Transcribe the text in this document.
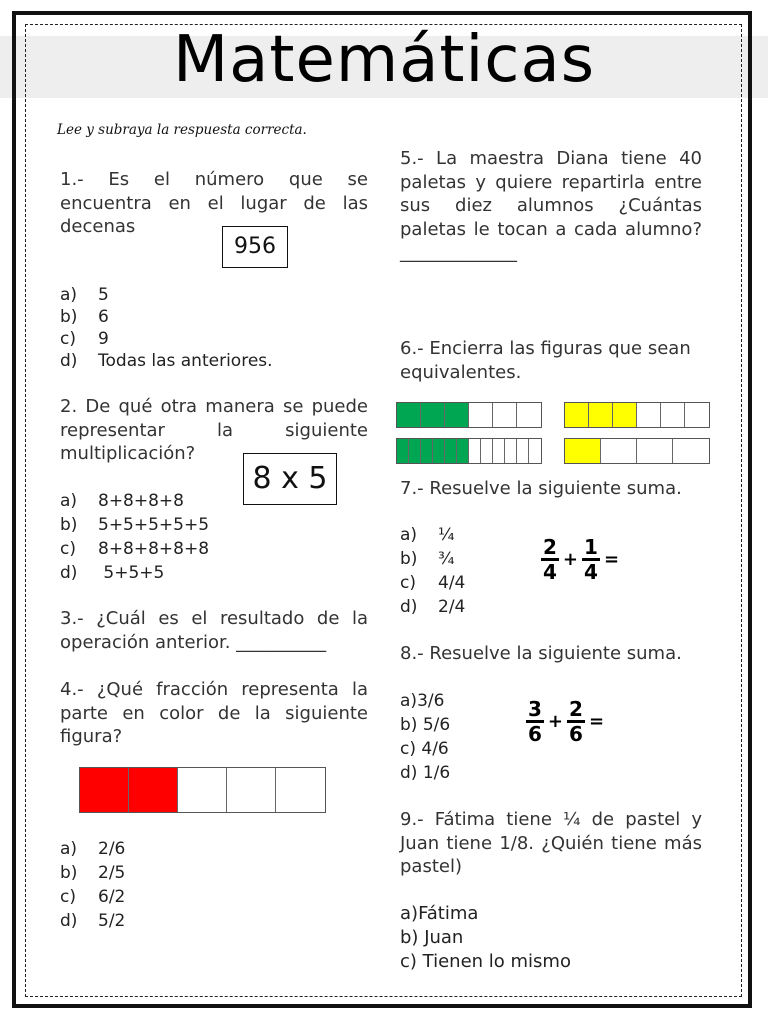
Matemáticas
Lee y subraya la respuesta correcta.
1.- Es el número que se encuentra en el lugar de las decenas
956
a) 5
b) 6
c) 9
d) Todas las anteriores.
2. De qué otra manera se puede representar la siguiente multiplicación?
8 x 5
a) 8+8+8+8
b) 5+5+5+5+5
c) 8+8+8+8+8
d) 5+5+5
3.- ¿Cuál es el resultado de la operación anterior. __________
4.- ¿Qué fracción representa la parte en color de la siguiente figura?
a) 2/6
b) 2/5
c) 6/2
d) 5/2
5.- La maestra Diana tiene 40 paletas y quiere repartirla entre sus diez alumnos ¿Cuántas paletas le tocan a cada alumno? _____________
6.- Encierra las figuras que sean equivalentes.
7.- Resuelve la siguiente suma.
a) ¼
b) ¾
c) 4/4
d) 2/4
$\frac{2}{4} + \frac{1}{4}$ =
8.- Resuelve la siguiente suma.
a)3/6
b) 5/6
c) 4/6
d) 1/6
$\frac{3}{6} + \frac{2}{6}$ =
9.- Fátima tiene ¼ de pastel y Juan tiene 1/8. ¿Quién tiene más pastel)
a)Fátima
b) Juan
c) Tienen lo mismo
